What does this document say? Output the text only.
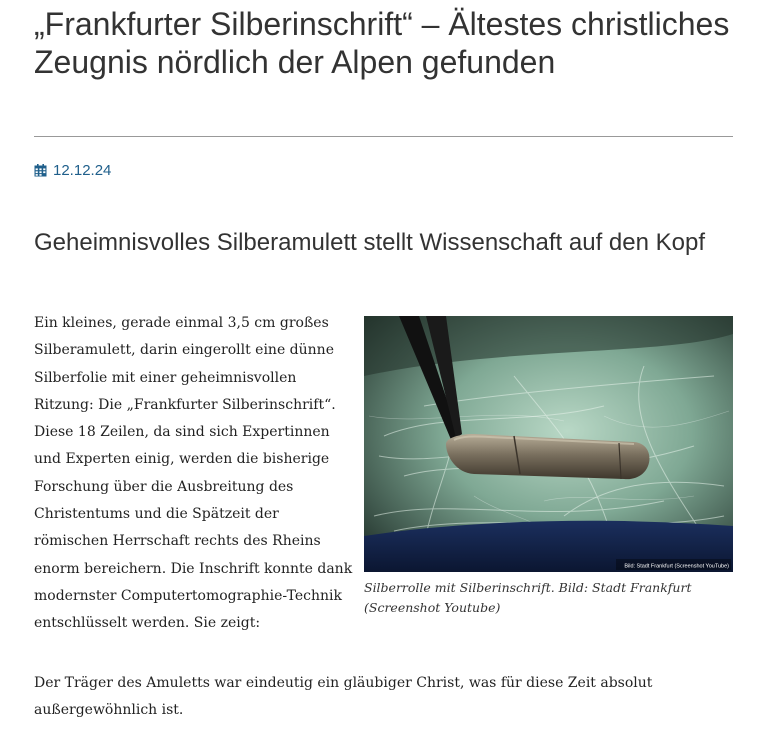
„Frankfurter Silberinschrift“ – Ältestes christliches Zeugnis nördlich der Alpen gefunden
12.12.24
Geheimnisvolles Silberamulett stellt Wissenschaft auf den Kopf
Bild: Stadt Frankfurt (Screenshot YouTube)
Silberrolle mit Silberinschrift. Bild: Stadt Frankfurt (Screenshot Youtube)

Ein kleines, gerade einmal 3,5 cm großes Silberamulett, darin eingerollt eine dünne Silberfolie mit einer geheimnisvollen Ritzung: Die „Frankfurter Silberinschrift“. Diese 18 Zeilen, da sind sich Expertinnen und Experten einig, werden die bisherige Forschung über die Ausbreitung des Christentums und die Spätzeit der römischen Herrschaft rechts des Rheins enorm bereichern. Die Inschrift konnte dank modernster Computertomographie-Technik entschlüsselt werden. Sie zeigt:

Der Träger des Amuletts war eindeutig ein gläubiger Christ, was für diese Zeit absolut außergewöhnlich ist.
